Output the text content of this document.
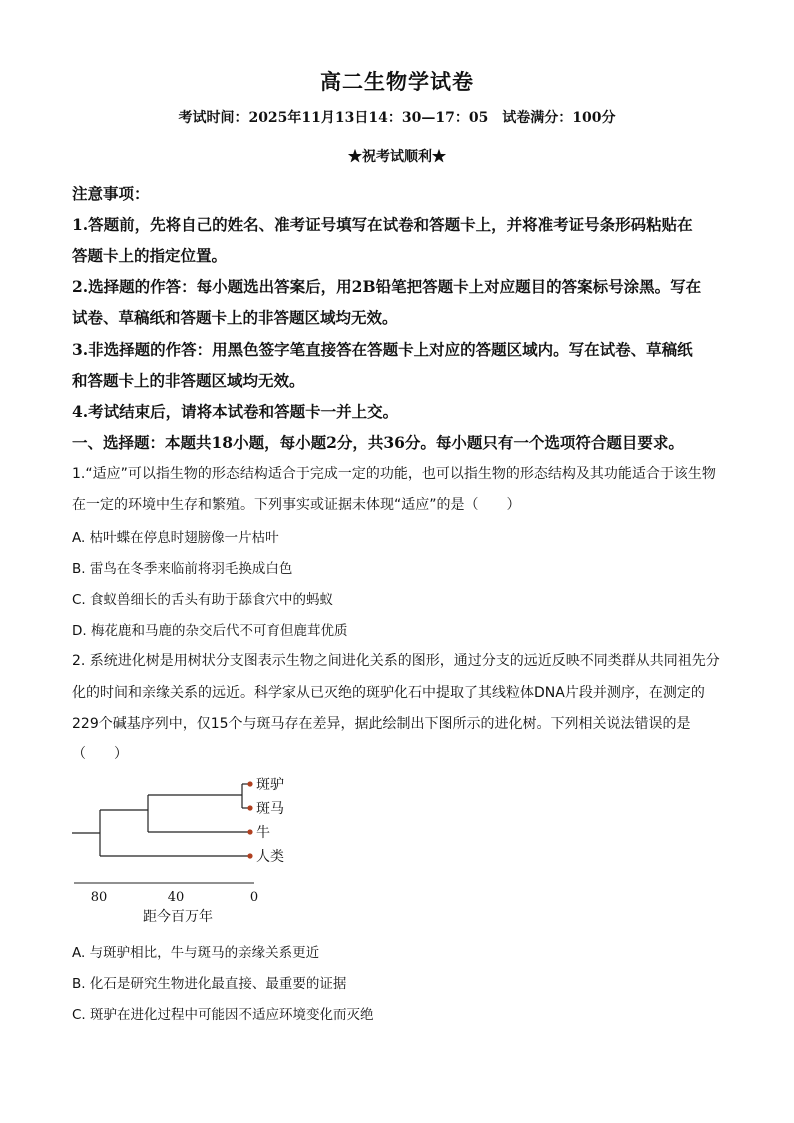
高二生物学试卷
考试时间：2025年11月13日14：30—17：05　试卷满分：100分
★祝考试顺利★
注意事项：
1.答题前，先将自己的姓名、准考证号填写在试卷和答题卡上，并将准考证号条形码粘贴在
答题卡上的指定位置。
2.选择题的作答：每小题选出答案后，用2B铅笔把答题卡上对应题目的答案标号涂黑。写在
试卷、草稿纸和答题卡上的非答题区域均无效。
3.非选择题的作答：用黑色签字笔直接答在答题卡上对应的答题区域内。写在试卷、草稿纸
和答题卡上的非答题区域均无效。
4.考试结束后，请将本试卷和答题卡一并上交。
一、选择题：本题共18小题，每小题2分，共36分。每小题只有一个选项符合题目要求。
1.“适应”可以指生物的形态结构适合于完成一定的功能，也可以指生物的形态结构及其功能适合于该生物
在一定的环境中生存和繁殖。下列事实或证据未体现“适应”的是（　　）
A. 枯叶蝶在停息时翅膀像一片枯叶
B. 雷鸟在冬季来临前将羽毛换成白色
C. 食蚁兽细长的舌头有助于舔食穴中的蚂蚁
D. 梅花鹿和马鹿的杂交后代不可育但鹿茸优质
2. 系统进化树是用树状分支图表示生物之间进化关系的图形，通过分支的远近反映不同类群从共同祖先分
化的时间和亲缘关系的远近。科学家从已灭绝的斑驴化石中提取了其线粒体DNA片段并测序，在测定的
229个碱基序列中，仅15个与斑马存在差异，据此绘制出下图所示的进化树。下列相关说法错误的是
（　　）
斑驴
斑马
牛
人类
80	40	0
距今百万年
A. 与斑驴相比，牛与斑马的亲缘关系更近
B. 化石是研究生物进化最直接、最重要的证据
C. 斑驴在进化过程中可能因不适应环境变化而灭绝
